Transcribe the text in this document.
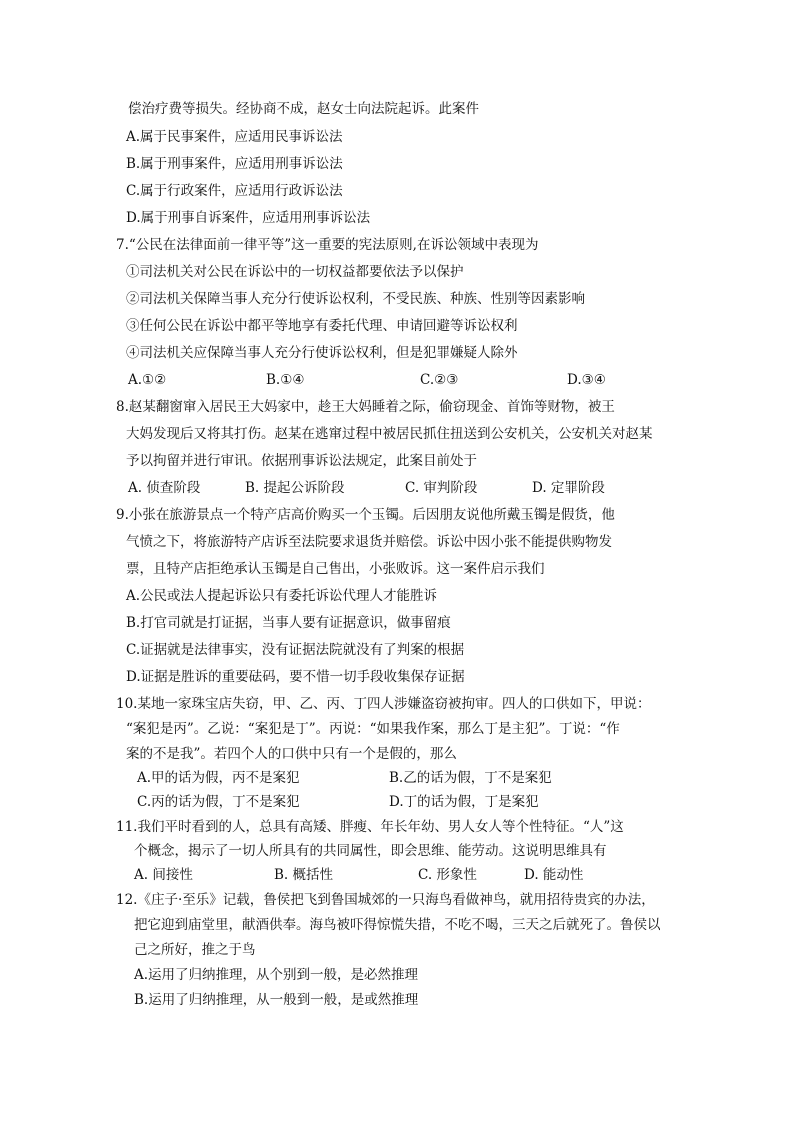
偿治疗费等损失。经协商不成，赵女士向法院起诉。此案件
A.属于民事案件，应适用民事诉讼法
B.属于刑事案件，应适用刑事诉讼法
C.属于行政案件，应适用行政诉讼法
D.属于刑事自诉案件，应适用刑事诉讼法
7.“公民在法律面前一律平等”这一重要的宪法原则,在诉讼领域中表现为
①司法机关对公民在诉讼中的一切权益都要依法予以保护
②司法机关保障当事人充分行使诉讼权利，不受民族、种族、性别等因素影响
③任何公民在诉讼中都平等地享有委托代理、申请回避等诉讼权利
④司法机关应保障当事人充分行使诉讼权利，但是犯罪嫌疑人除外
A.①②	B.①④	C.②③	D.③④
8.赵某翻窗窜入居民王大妈家中，趁王大妈睡着之际，偷窃现金、首饰等财物，被王
大妈发现后又将其打伤。赵某在逃窜过程中被居民抓住扭送到公安机关，公安机关对赵某
予以拘留并进行审讯。依据刑事诉讼法规定，此案目前处于
A. 侦查阶段	B. 提起公诉阶段	C. 审判阶段	D. 定罪阶段
9.小张在旅游景点一个特产店高价购买一个玉镯。后因朋友说他所戴玉镯是假货，他
气愤之下，将旅游特产店诉至法院要求退货并赔偿。诉讼中因小张不能提供购物发
票，且特产店拒绝承认玉镯是自己售出，小张败诉。这一案件启示我们
A.公民或法人提起诉讼只有委托诉讼代理人才能胜诉
B.打官司就是打证据，当事人要有证据意识，做事留痕
C.证据就是法律事实，没有证据法院就没有了判案的根据
D.证据是胜诉的重要砝码，要不惜一切手段收集保存证据
10.某地一家珠宝店失窃，甲、乙、丙、丁四人涉嫌盗窃被拘审。四人的口供如下，甲说：
“案犯是丙”。乙说：“案犯是丁”。丙说：“如果我作案，那么丁是主犯”。丁说：“作
案的不是我”。若四个人的口供中只有一个是假的，那么
A.甲的话为假，丙不是案犯	B.乙的话为假，丁不是案犯
C.丙的话为假，丁不是案犯	D.丁的话为假，丁是案犯
11.我们平时看到的人，总具有高矮、胖瘦、年长年幼、男人女人等个性特征。“人”这
个概念，揭示了一切人所具有的共同属性，即会思维、能劳动。这说明思维具有
A. 间接性	B. 概括性	C. 形象性	D. 能动性
12.《庄子·至乐》记载，鲁侯把飞到鲁国城郊的一只海鸟看做神鸟，就用招待贵宾的办法，
把它迎到庙堂里，献酒供奉。海鸟被吓得惊慌失措，不吃不喝，三天之后就死了。鲁侯以
己之所好，推之于鸟
A.运用了归纳推理，从个别到一般，是必然推理
B.运用了归纳推理，从一般到一般，是或然推理
